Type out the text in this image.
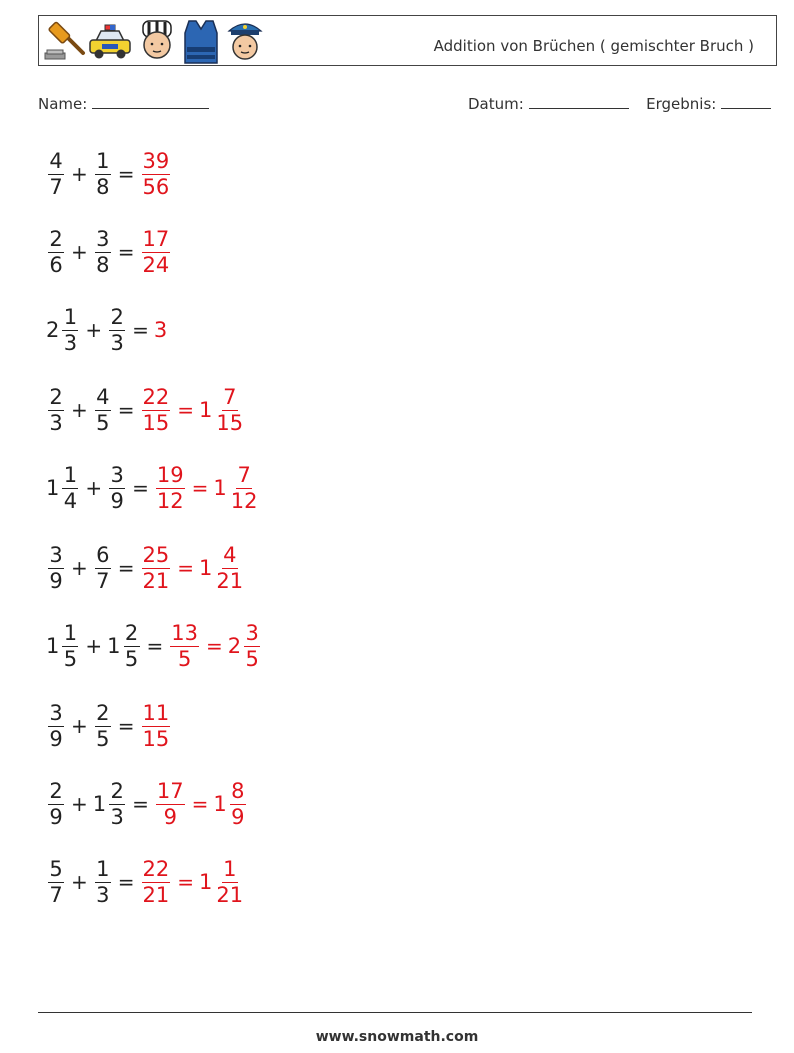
Addition von Brüchen ( gemischter Bruch )
Name:	Datum:	Ergebnis:
$\frac{4}{7} + \frac{1}{8} = \frac{39}{56}$
$\frac{2}{6} + \frac{3}{8} = \frac{17}{24}$
$2 \frac{1}{3} + \frac{2}{3} = 3$
$\frac{2}{3} + \frac{4}{5} = \frac{22}{15} = 1 \frac{7}{15}$
$1 \frac{1}{4} + \frac{3}{9} = \frac{19}{12} = 1 \frac{7}{12}$
$\frac{3}{9} + \frac{6}{7} = \frac{25}{21} = 1 \frac{4}{21}$
$1 \frac{1}{5} + 1 \frac{2}{5} = \frac{13}{5} = 2 \frac{3}{5}$
$\frac{3}{9} + \frac{2}{5} = \frac{11}{15}$
$\frac{2}{9} + 1 \frac{2}{3} = \frac{17}{9} = 1 \frac{8}{9}$
$\frac{5}{7} + \frac{1}{3} = \frac{22}{21} = 1 \frac{1}{21}$
www.snowmath.com
